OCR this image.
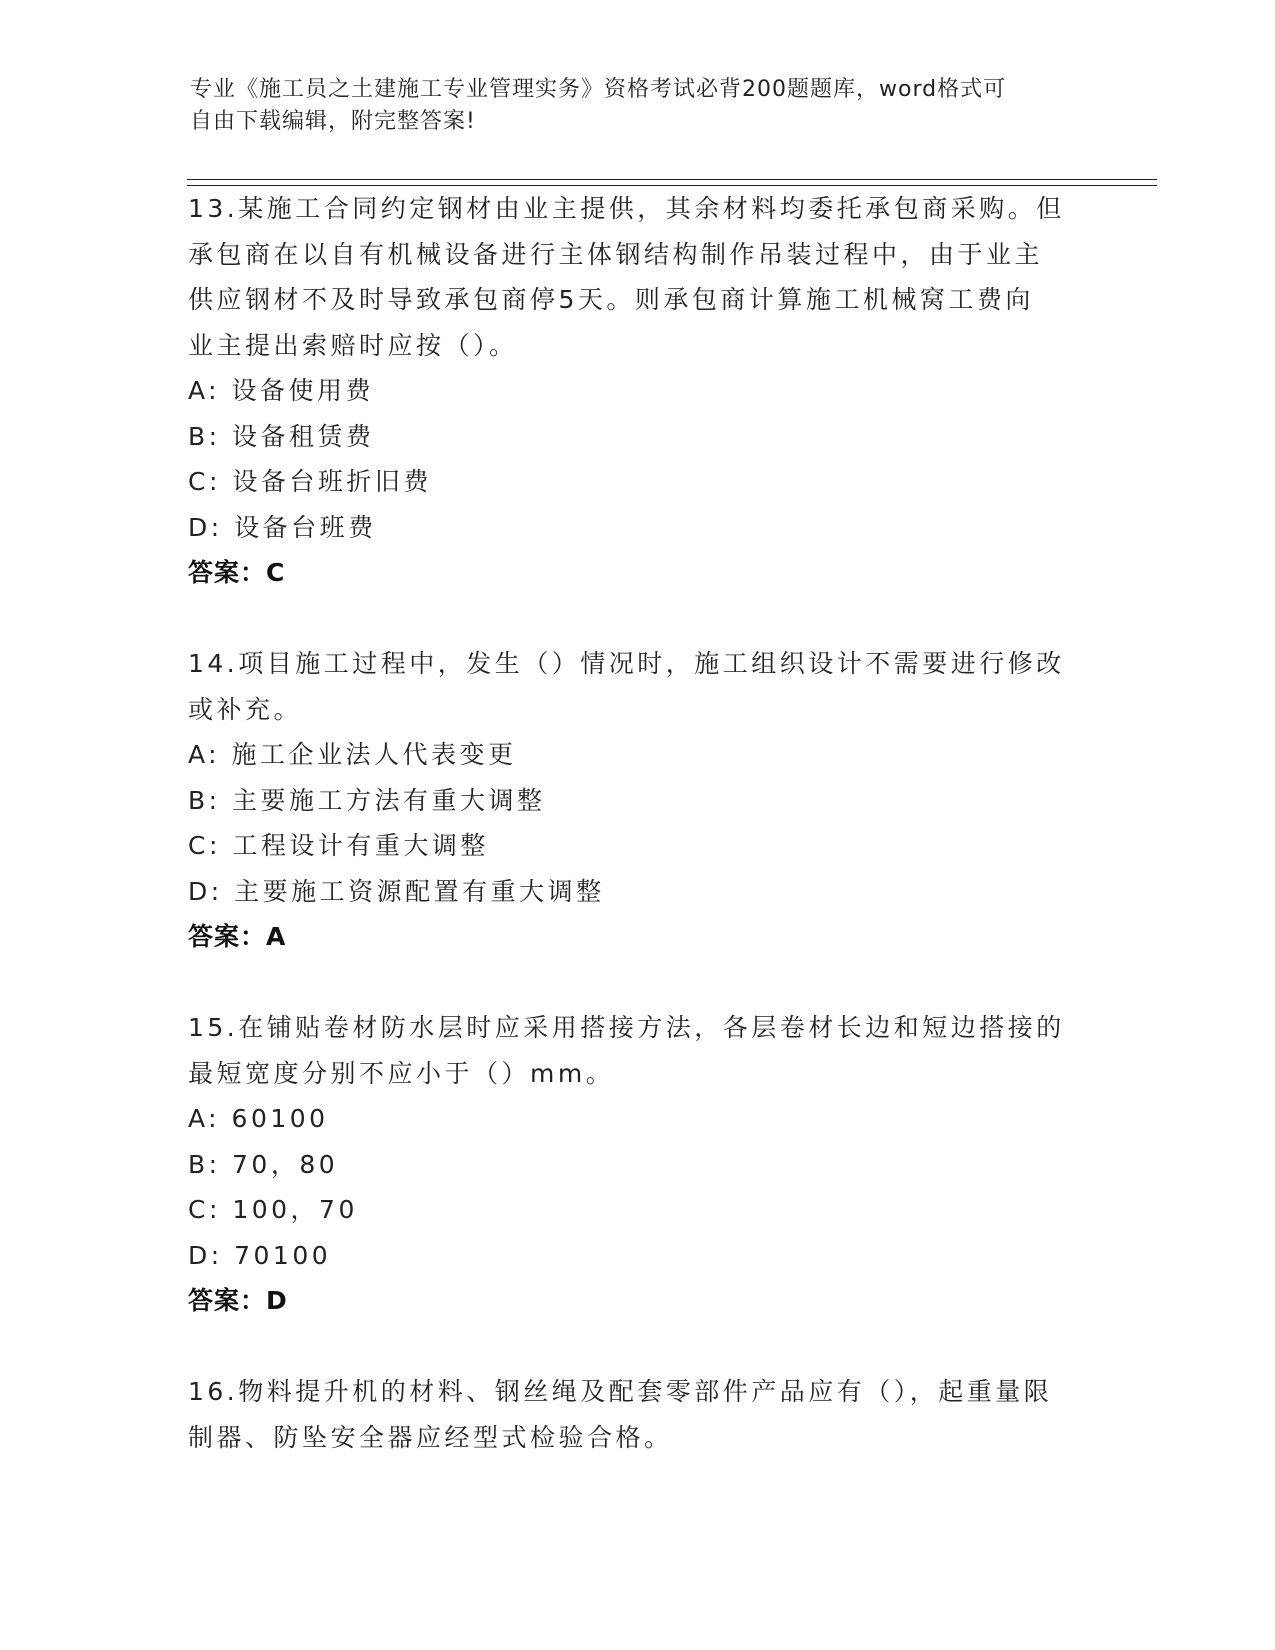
专业《施工员之土建施工专业管理实务》资格考试必背200题题库，word格式可
自由下载编辑，附完整答案!
13.某施工合同约定钢材由业主提供，其余材料均委托承包商采购。但
承包商在以自有机械设备进行主体钢结构制作吊装过程中，由于业主
供应钢材不及时导致承包商停5天。则承包商计算施工机械窝工费向
业主提出索赔时应按（）。
A: 设备使用费
B: 设备租赁费
C: 设备台班折旧费
D: 设备台班费
答案：C
14.项目施工过程中，发生（）情况时，施工组织设计不需要进行修改
或补充。
A: 施工企业法人代表变更
B: 主要施工方法有重大调整
C: 工程设计有重大调整
D: 主要施工资源配置有重大调整
答案：A
15.在铺贴卷材防水层时应采用搭接方法，各层卷材长边和短边搭接的
最短宽度分别不应小于（）mm。
A: 60100
B: 70，80
C: 100，70
D: 70100
答案：D
16.物料提升机的材料、钢丝绳及配套零部件产品应有（），起重量限
制器、防坠安全器应经型式检验合格。
